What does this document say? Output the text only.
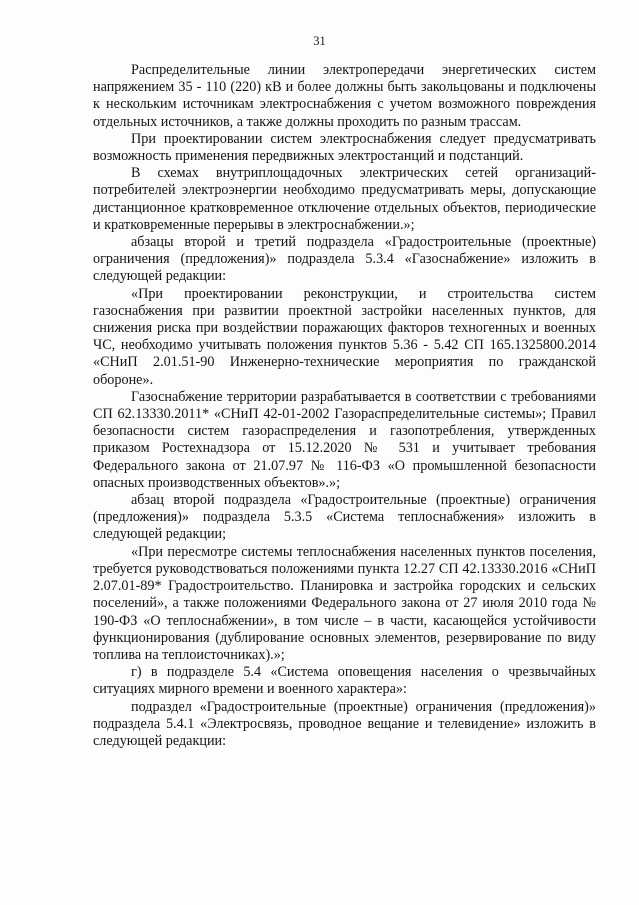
31

Распределительные линии электропередачи энергетических систем напряжением 35 - 110 (220) кВ и более должны быть закольцованы и подключены к нескольким источникам электроснабжения с учетом возможного повреждения отдельных источников, а также должны проходить по разным трассам.

При проектировании систем электроснабжения следует предусматривать возможность применения передвижных электростанций и подстанций.

В схемах внутриплощадочных электрических сетей организаций-потребителей электроэнергии необходимо предусматривать меры, допускающие дистанционное кратковременное отключение отдельных объектов, периодические и кратковременные перерывы в электроснабжении.»;

абзацы второй и третий подраздела «Градостроительные (проектные) ограничения (предложения)» подраздела 5.3.4 «Газоснабжение» изложить в следующей редакции:

«При проектировании реконструкции, и строительства систем газоснабжения при развитии проектной застройки населенных пунктов, для снижения риска при воздействии поражающих факторов техногенных и военных ЧС, необходимо учитывать положения пунктов 5.36 - 5.42 СП 165.1325800.2014 «СНиП 2.01.51-90 Инженерно-технические мероприятия по гражданской обороне».

Газоснабжение территории разрабатывается в соответствии с требованиями СП 62.13330.2011* «СНиП 42-01-2002 Газораспределительные системы»; Правил безопасности систем газораспределения и газопотребления, утвержденных приказом Ростехнадзора от 15.12.2020 № 531 и учитывает требования Федерального закона от 21.07.97 № 116-ФЗ «О промышленной безопасности опасных производственных объектов».»;

абзац второй подраздела «Градостроительные (проектные) ограничения (предложения)» подраздела 5.3.5 «Система теплоснабжения» изложить в следующей редакции;

«При пересмотре системы теплоснабжения населенных пунктов поселения, требуется руководствоваться положениями пункта 12.27 СП 42.13330.2016 «СНиП 2.07.01-89* Градостроительство. Планировка и застройка городских и сельских поселений», а также положениями Федерального закона от 27 июля 2010 года № 190-ФЗ «О теплоснабжении», в том числе – в части, касающейся устойчивости функционирования (дублирование основных элементов, резервирование по виду топлива на теплоисточниках).»;

г) в подразделе 5.4 «Система оповещения населения о чрезвычайных ситуациях мирного времени и военного характера»:

подраздел «Градостроительные (проектные) ограничения (предложения)» подраздела 5.4.1 «Электросвязь, проводное вещание и телевидение» изложить в следующей редакции:
